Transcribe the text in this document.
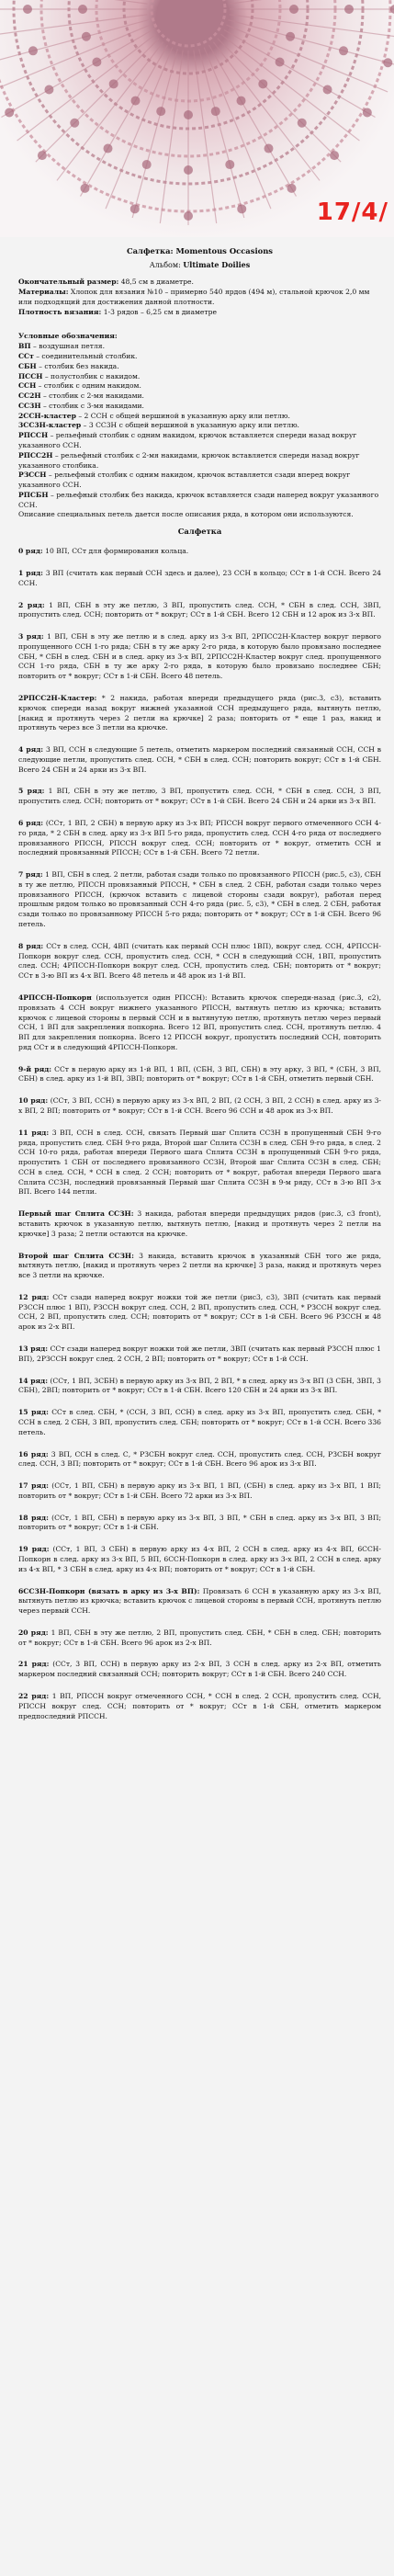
17/4/
Салфетка: Momentous Occasions
Альбом: Ultimate Doilies

Окончательный размер: 48,5 см в диаметре.

Материалы: Хлопок для вязания №10 – примерно 540 ярдов (494 м), стальной крючок 2,0 мм или подходящий для достижения данной плотности.

Плотность вязания: 1-3 рядов – 6,25 см в диаметре

Условные обозначения:

ВП – воздушная петля.

ССт – соединительный столбик.

СБН – столбик без накида.

ПССН – полустолбик с накидом.

ССН – столбик с одним накидом.

СС2Н – столбик с 2-мя накидами.

СС3Н – столбик с 3-мя накидами.

2ССН-кластер – 2 ССН с общей вершиной в указанную арку или петлю.

3СС3Н-кластер – 3 СС3Н с общей вершиной в указанную арку или петлю.

РПССН – рельефный столбик с одним накидом, крючок вставляется спереди назад вокруг указанного ССН.

РПСС2Н – рельефный столбик с 2-мя накидами, крючок вставляется спереди назад вокруг указанного столбика.

РЗССН – рельефный столбик с одним накидом, крючок вставляется сзади вперед вокруг указанного ССН.

РПСБН – рельефный столбик без накида, крючок вставляется сзади наперед вокруг указанного ССН.

Описание специальных петель дается после описания ряда, в котором они используются.

Салфетка

0 ряд: 10 ВП, ССт для формирования кольца.

1 ряд: 3 ВП (считать как первый ССН здесь и далее), 23 ССН в кольцо; ССт в 1-й ССН. Всего 24 ССН.

2 ряд: 1 ВП, СБН в эту же петлю, 3 ВП, пропустить след. ССН, * СБН в след. ССН, 3ВП, пропустить след. ССН; повторить от * вокруг; ССт в 1-й СБН. Всего 12 СБН и 12 арок из 3-х ВП.

3 ряд: 1 ВП, СБН в эту же петлю и в след. арку из 3-х ВП, 2РПСС2Н-Кластер вокруг первого пропущенного ССН 1-го ряда; СБН в ту же арку 2-го ряда, в которую было провязано последнее СБН, * СБН в след. СБН и в след. арку из 3-х ВП, 2РПСС2Н-Кластер вокруг след. пропущенного ССН 1-го ряда, СБН в ту же арку 2-го ряда, в которую было провязано последнее СБН; повторить от * вокруг; ССт в 1-й СБН. Всего 48 петель.

2РПСС2Н-Кластер: * 2 накида, работая впереди предыдущего ряда (рис.3, с3), вставить крючок спереди назад вокруг нижней указанной ССН предыдущего ряда, вытянуть петлю, [накид и протянуть через 2 петли на крючке] 2 раза; повторить от * еще 1 раз, накид и протянуть через все 3 петли на крючке.

4 ряд: 3 ВП, ССН в следующие 5 петель, отметить маркером последний связанный ССН, ССН в следующие петли, пропустить след. ССН, * СБН в след. ССН; повторить вокруг; ССт в 1-й СБН. Всего 24 СБН и 24 арки из 3-х ВП.

5 ряд: 1 ВП, СБН в эту же петлю, 3 ВП, пропустить след. ССН, * СБН в след. ССН, 3 ВП, пропустить след. ССН; повторить от * вокруг; ССт в 1-й СБН. Всего 24 СБН и 24 арки из 3-х ВП.

6 ряд: (ССт, 1 ВП, 2 СБН) в первую арку из 3-х ВП; РПССН вокруг первого отмеченного ССН 4-го ряда, * 2 СБН в след. арку из 3-х ВП 5-го ряда, пропустить след. ССН 4-го ряда от последнего провязанного РПССН, РПССН вокруг след. ССН; повторить от * вокруг, отметить ССН и последний провязанный РПССН; ССт в 1-й СБН. Всего 72 петли.

7 ряд: 1 ВП, СБН в след. 2 петли, работая сзади только по провязанного РПССН (рис.5, с3), СБН в ту же петлю, РПССН провязанный РПССН, * СБН в след. 2 СБН, работая сзади только через провязанного РПССН, (крючок вставить с лицевой стороны сзади вокруг), работая перед прошлым рядом только во провязанный ССН 4-го ряда (рис. 5, с3), * СБН в след. 2 СБН, работая сзади только по провязанному РПССН 5-го ряда; повторить от * вокруг; ССт в 1-й СБН. Всего 96 петель.

8 ряд: ССт в след. ССН, 4ВП (считать как первый ССН плюс 1ВП), вокруг след. ССН, 4РПССН-Попкорн вокруг след. ССН, пропустить след. ССН, * ССН в следующий ССН, 1ВП, пропустить след. ССН; 4РПССН-Попкорн вокруг след. ССН, пропустить след. СБН; повторить от * вокруг; ССт в 3-ю ВП из 4-х ВП. Всего 48 петель и 48 арок из 1-й ВП.

4РПССН-Попкорн (используется один РПССН): Вставить крючок спереди-назад (рис.3, с2), провязать 4 ССН вокруг нижнего указанного РПССН, вытянуть петлю из крючка; вставить крючок с лицевой стороны в первый ССН и в вытянутую петлю, протянуть петлю через первый ССН, 1 ВП для закрепления попкорна. Всего 12 ВП, пропустить след. ССН, протянуть петлю. 4 ВП для закрепления попкорна. Всего 12 РПССН вокруг, пропустить последний ССН, повторить ряд ССт и в следующий 4РПССН-Попкорн.

9-й ряд: ССт в первую арку из 1-й ВП, 1 ВП, (СБН, 3 ВП, СБН) в эту арку, 3 ВП, * (СБН, 3 ВП, СБН) в след. арку из 1-й ВП, 3ВП; повторить от * вокруг; ССт в 1-й СБН, отметить первый СБН.

10 ряд: (ССт, 3 ВП, ССН) в первую арку из 3-х ВП, 2 ВП, (2 ССН, 3 ВП, 2 ССН) в след. арку из 3-х ВП, 2 ВП; повторить от * вокруг; ССт в 1-й ССН. Всего 96 ССН и 48 арок из 3-х ВП.

11 ряд: 3 ВП, ССН в след. ССН, связать Первый шаг Сплита ССЗН в пропущенный СБН 9-го ряда, пропустить след. СБН 9-го ряда, Второй шаг Сплита ССЗН в след. СБН 9-го ряда, в след. 2 ССН 10-го ряда, работая впереди Первого шага Сплита ССЗН в пропущенный СБН 9-го ряда, пропустить 1 СБН от последнего провязанного ССЗН, Второй шаг Сплита ССЗН в след. СБН; ССН в след. ССН, * ССН в след. 2 ССН; повторить от * вокруг, работая впереди Первого шага Сплита ССЗН, последний провязанный Первый шаг Сплита ССЗН в 9-м ряду, ССт в 3-ю ВП 3-х ВП. Всего 144 петли.

Первый шаг Сплита ССЗН: 3 накида, работая впереди предыдущих рядов (рис.3, с3 front), вставить крючок в указанную петлю, вытянуть петлю, [накид и протянуть через 2 петли на крючке] 3 раза; 2 петли остаются на крючке.

Второй шаг Сплита ССЗН: 3 накида, вставить крючок в указанный СБН того же ряда, вытянуть петлю, [накид и протянуть через 2 петли на крючке] 3 раза, накид и протянуть через все 3 петли на крючке.

12 ряд: ССт сзади наперед вокруг ножки той же петли (рис3, с3), 3ВП (считать как первый РЗССН плюс 1 ВП), РЗССН вокруг след. ССН, 2 ВП, пропустить след. ССН, * РЗССН вокруг след. ССН, 2 ВП, пропустить след. ССН; повторить от * вокруг; ССт в 1-й СБН. Всего 96 РЗССН и 48 арок из 2-х ВП.

13 ряд: ССт сзади наперед вокруг ножки той же петли, 3ВП (считать как первый РЗССН плюс 1 ВП), 2РЗССН вокруг след. 2 ССН, 2 ВП; повторить от * вокруг; ССт в 1-й ССН.

14 ряд: (ССт, 1 ВП, 3СБН) в первую арку из 3-х ВП, 2 ВП, * в след. арку из 3-х ВП (3 СБН, 3ВП, 3 СБН), 2ВП; повторить от * вокруг; ССт в 1-й СБН. Всего 120 СБН и 24 арки из 3-х ВП.

15 ряд: ССт в след. СБН, * (ССН, 3 ВП, ССН) в след. арку из 3-х ВП, пропустить след. СБН, * ССН в след. 2 СБН, 3 ВП, пропустить след. СБН; повторить от * вокруг; ССт в 1-й ССН. Всего 336 петель.

16 ряд: 3 ВП, ССН в след. С, * РЗСБН вокруг след. ССН, пропустить след. ССН, РЗСБН вокруг след. ССН, 3 ВП; повторить от * вокруг; ССт в 1-й СБН. Всего 96 арок из 3-х ВП.

17 ряд: (ССт, 1 ВП, СБН) в первую арку из 3-х ВП, 1 ВП, (СБН) в след. арку из 3-х ВП, 1 ВП; повторить от * вокруг; ССт в 1-й СБН. Всего 72 арки из 3-х ВП.

18 ряд: (ССт, 1 ВП, СБН) в первую арку из 3-х ВП, 3 ВП, * СБН в след. арку из 3-х ВП, 3 ВП; повторить от * вокруг; ССт в 1-й СБН.

19 ряд: (ССт, 1 ВП, 3 СБН) в первую арку из 4-х ВП, 2 ССН в след. арку из 4-х ВП, 6ССН-Попкорн в след. арку из 3-х ВП, 5 ВП, 6ССН-Попкорн в след. арку из 3-х ВП, 2 ССН в след. арку из 4-х ВП, * 3 СБН в след. арку из 4-х ВП; повторить от * вокруг; ССт в 1-й СБН.

6ССЗН-Попкорн (вязать в арку из 3-х ВП): Провязать 6 ССН в указанную арку из 3-х ВП, вытянуть петлю из крючка; вставить крючок с лицевой стороны в первый ССН, протянуть петлю через первый ССН.

20 ряд: 1 ВП, СБН в эту же петлю, 2 ВП, пропустить след. СБН, * СБН в след. СБН; повторить от * вокруг; ССт в 1-й СБН. Всего 96 арок из 2-х ВП.

21 ряд: (ССт, 3 ВП, ССН) в первую арку из 2-х ВП, 3 ССН в след. арку из 2-х ВП, отметить маркером последний связанный ССН; повторить вокруг; ССт в 1-й СБН. Всего 240 ССН.

22 ряд: 1 ВП, РПССН вокруг отмеченного ССН, * ССН в след. 2 ССН, пропустить след. ССН, РПССН вокруг след. ССН; повторить от * вокруг; ССт в 1-й СБН, отметить маркером предпоследний РПССН.
